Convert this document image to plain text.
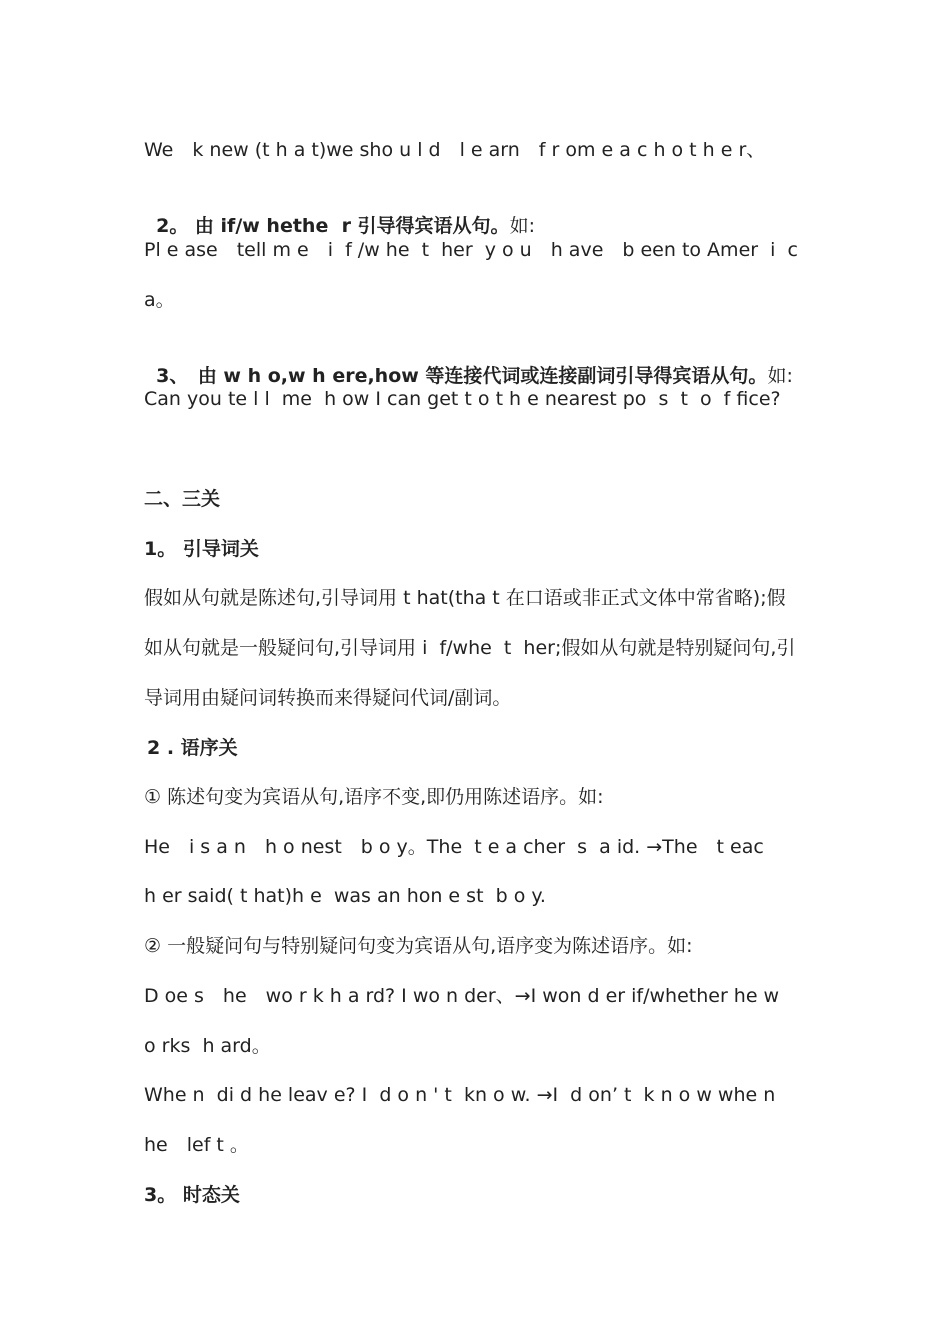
We　k new (t h a t)we sho u l d　l e arn　f r om e a c h o t h e r、

2。 由 if/w hethe  r 引导得宾语从句。如:

Pl e ase　tell m e　i  f /w he  t  her  y o u　h ave　b een to Amer  i  c
a。

3、　由 w h o,w h ere,how 等连接代词或连接副词引导得宾语从句。如:

Can you te l l  me  h ow I can get t o t h e nearest po  s  t  o  f fice?
二、三关
1。 引导词关
假如从句就是陈述句,引导词用 t hat(tha t 在口语或非正式文体中常省略);假
如从句就是一般疑问句,引导词用 i  f/whe  t  her;假如从句就是特别疑问句,引
导词用由疑问词转换而来得疑问代词/副词。
2 . 语序关
① 陈述句变为宾语从句,语序不变,即仍用陈述语序。如:
He　i s a n　h o nest　b o y。The  t e a cher  s  a id. →The　t eac
h er said( t hat)h e  was an hon e st  b o y.
② 一般疑问句与特别疑问句变为宾语从句,语序变为陈述语序。如:
D oe s　he　wo r k h a rd? I wo n der、→I won d er if/whether he w
o rks  h ard。
Whe n  di d he leav e? I  d o n ' t  kn o w. →I  d on’ t  k n o w whe n
he　lef t 。
3。 时态关
